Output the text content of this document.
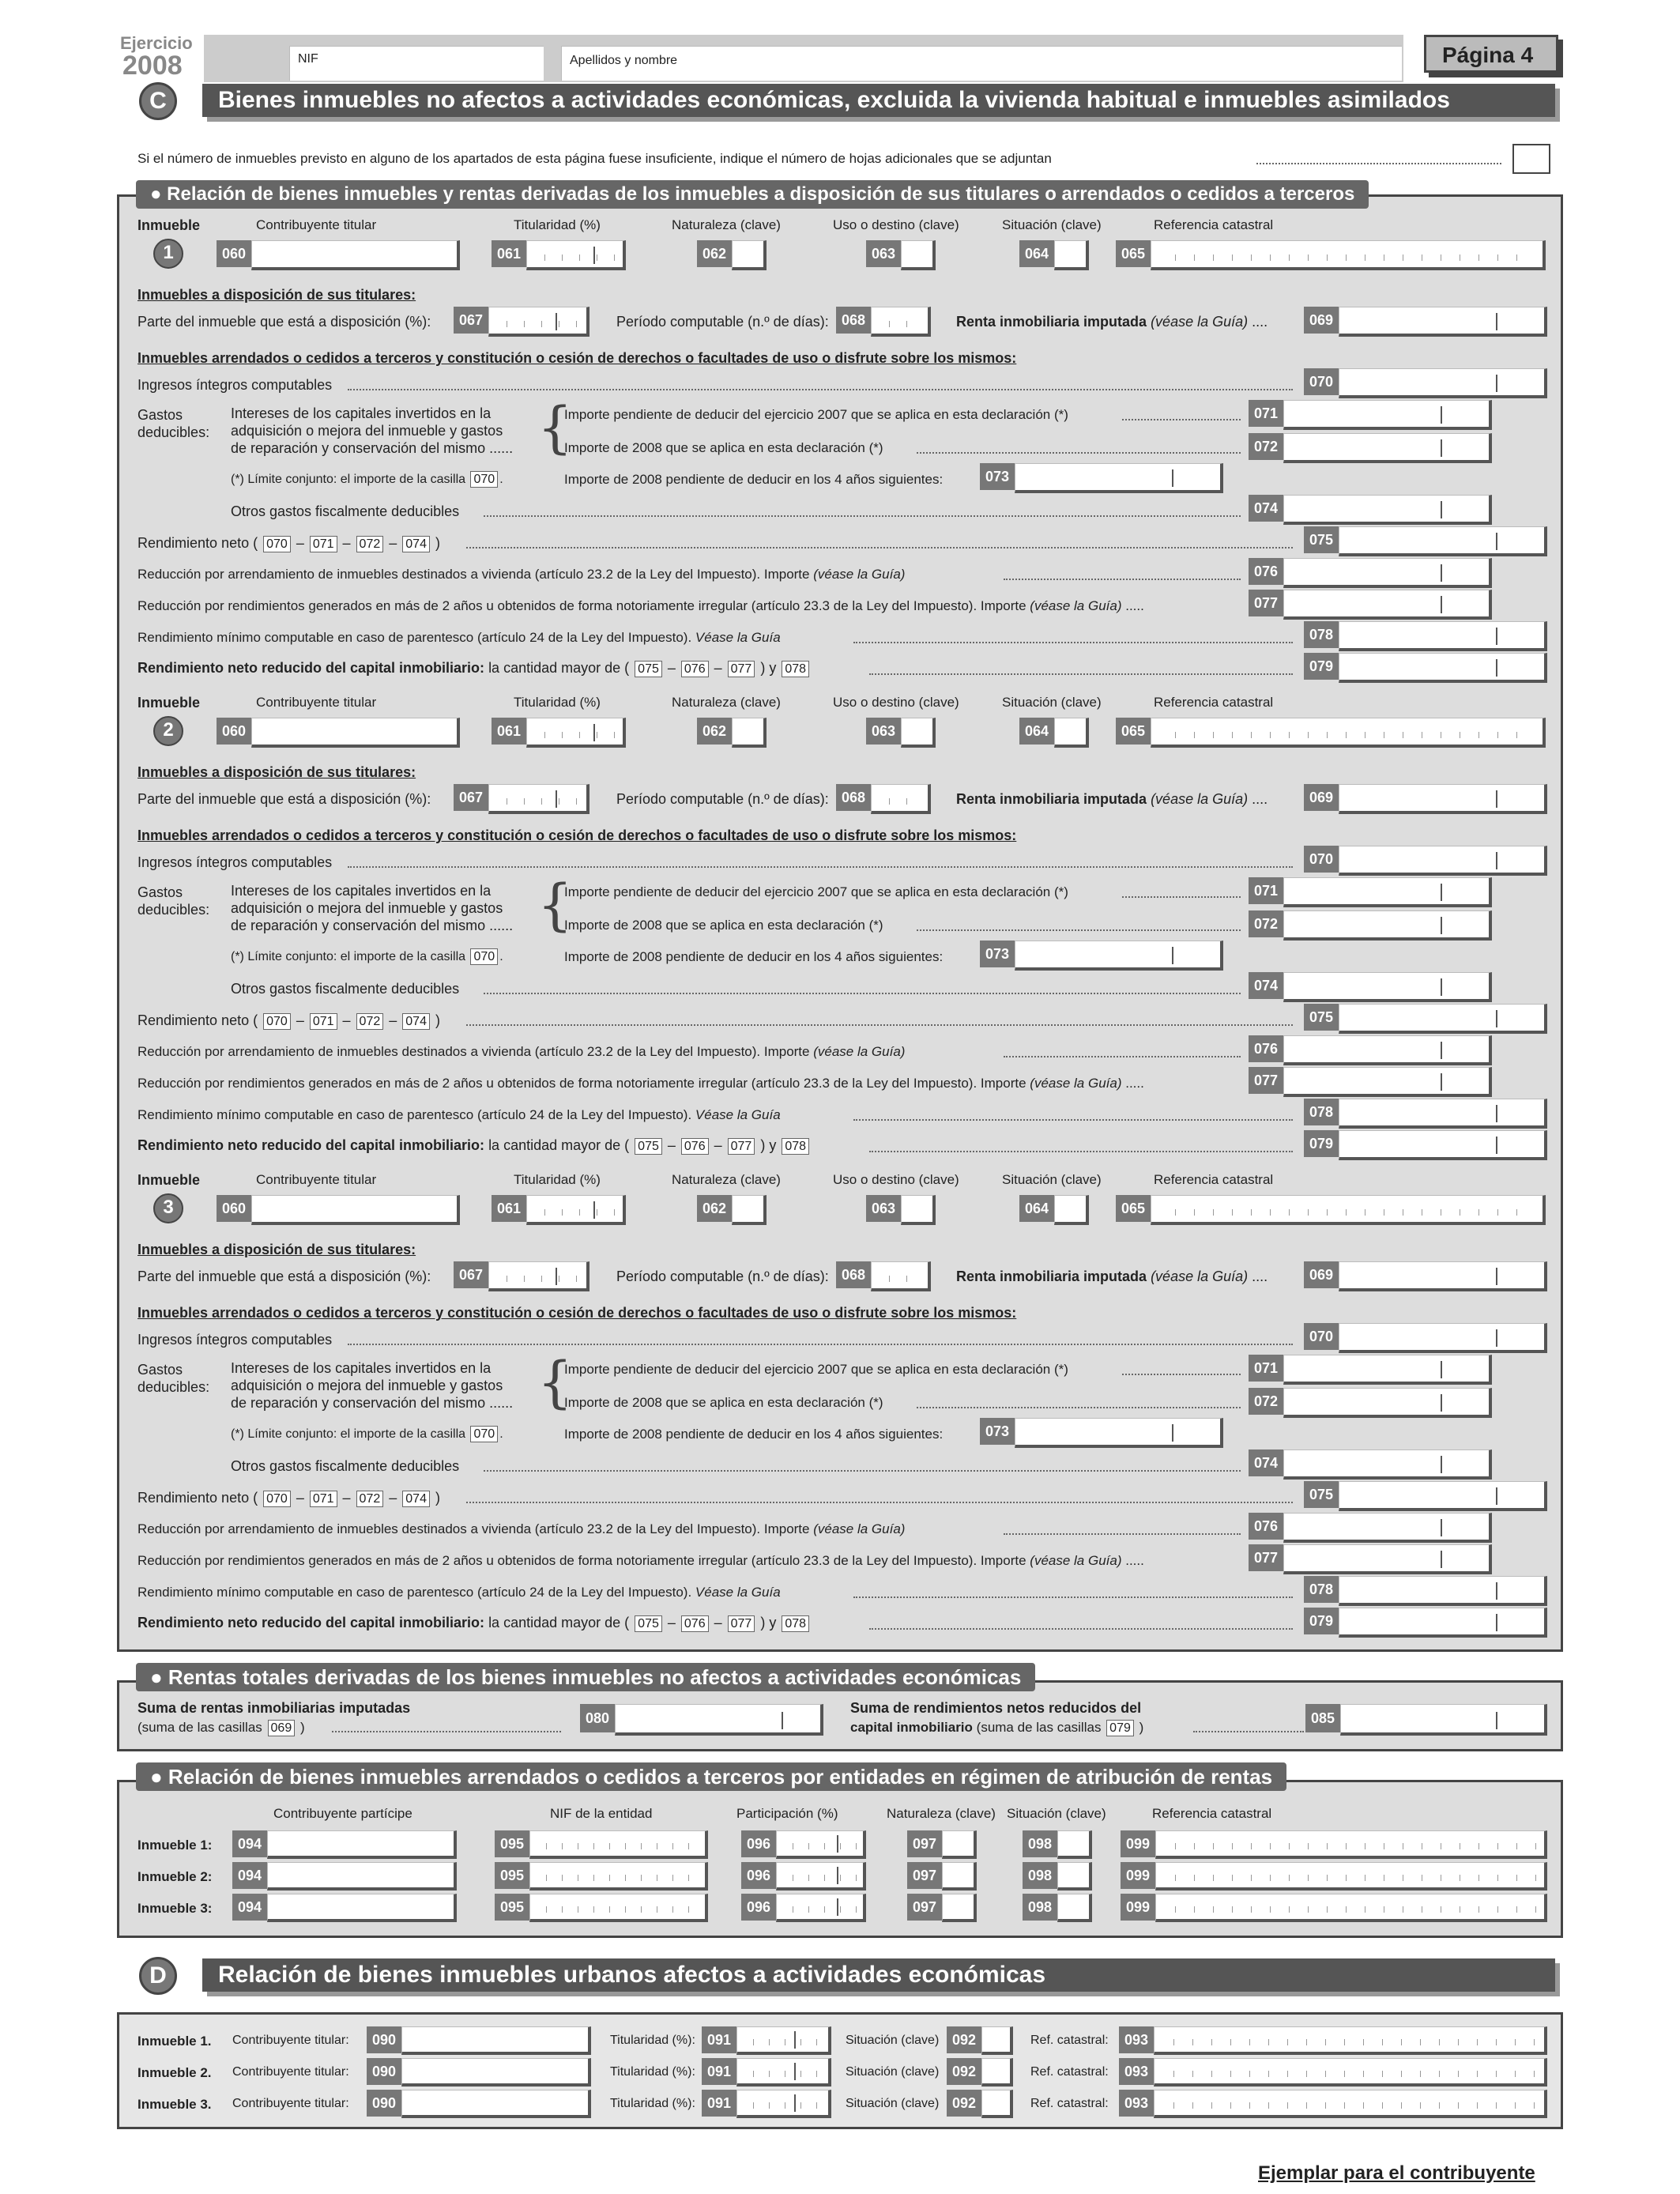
Ejercicio
2008	NIF	Apellidos y nombre	Página 4
C	Bienes inmuebles no afectos a actividades económicas, excluida la vivienda habitual e inmuebles asimilados
Si el número de inmuebles previsto en alguno de los apartados de esta página fuese insuficiente, indique el número de hojas adicionales que se adjuntan
● Relación de bienes inmuebles y rentas derivadas de los inmuebles a disposición de sus titulares o arrendados o cedidos a terceros
Inmueble	Contribuyente titular	Titularidad (%)	Naturaleza (clave)	Uso o destino (clave)	Situación (clave)	Referencia catastral
1	060	061	062	063	064	065
Inmuebles a disposición de sus titulares:
Parte del inmueble que está a disposición (%):	067	Período computable (n.º de días): 068	Renta inmobiliaria imputada (véase la Guía) ....	069
Inmuebles arrendados o cedidos a terceros y constitución o cesión de derechos o facultades de uso o disfrute sobre los mismos:
Ingresos íntegros computables	070
Gastos
deducibles:
Intereses de los capitales invertidos en la
adquisición o mejora del inmueble y gastos
de reparación y conservación del mismo ...... {
(*) Límite conjunto: el importe de la casilla 070 .
Importe pendiente de deducir del ejercicio 2007 que se aplica en esta declaración (*)	071
Importe de 2008 que se aplica en esta declaración (*)	072
Importe de 2008 pendiente de deducir en los 4 años siguientes:	073
Otros gastos fiscalmente deducibles	074
Rendimiento neto ( 070 – 071 – 072 – 074 )	075
Reducción por arrendamiento de inmuebles destinados a vivienda (artículo 23.2 de la Ley del Impuesto). Importe (véase la Guía)	076
Reducción por rendimientos generados en más de 2 años u obtenidos de forma notoriamente irregular (artículo 23.3 de la Ley del Impuesto). Importe (véase la Guía) .....	077
Rendimiento mínimo computable en caso de parentesco (artículo 24 de la Ley del Impuesto). Véase la Guía	078
Rendimiento neto reducido del capital inmobiliario: la cantidad mayor de ( 075 – 076 – 077 ) y 078	079
Inmueble	Contribuyente titular	Titularidad (%)	Naturaleza (clave)	Uso o destino (clave)	Situación (clave)	Referencia catastral
2	060	061	062	063	064	065
Inmuebles a disposición de sus titulares:
Parte del inmueble que está a disposición (%):	067	Período computable (n.º de días): 068	Renta inmobiliaria imputada (véase la Guía) ....	069
Inmuebles arrendados o cedidos a terceros y constitución o cesión de derechos o facultades de uso o disfrute sobre los mismos:
Ingresos íntegros computables	070
Gastos
deducibles:
Intereses de los capitales invertidos en la
adquisición o mejora del inmueble y gastos
de reparación y conservación del mismo ...... {
(*) Límite conjunto: el importe de la casilla 070 .
Importe pendiente de deducir del ejercicio 2007 que se aplica en esta declaración (*)	071
Importe de 2008 que se aplica en esta declaración (*)	072
Importe de 2008 pendiente de deducir en los 4 años siguientes:	073
Otros gastos fiscalmente deducibles	074
Rendimiento neto ( 070 – 071 – 072 – 074 )	075
Reducción por arrendamiento de inmuebles destinados a vivienda (artículo 23.2 de la Ley del Impuesto). Importe (véase la Guía)	076
Reducción por rendimientos generados en más de 2 años u obtenidos de forma notoriamente irregular (artículo 23.3 de la Ley del Impuesto). Importe (véase la Guía) .....	077
Rendimiento mínimo computable en caso de parentesco (artículo 24 de la Ley del Impuesto). Véase la Guía	078
Rendimiento neto reducido del capital inmobiliario: la cantidad mayor de ( 075 – 076 – 077 ) y 078	079
Inmueble	Contribuyente titular	Titularidad (%)	Naturaleza (clave)	Uso o destino (clave)	Situación (clave)	Referencia catastral
3	060	061	062	063	064	065
Inmuebles a disposición de sus titulares:
Parte del inmueble que está a disposición (%):	067	Período computable (n.º de días): 068	Renta inmobiliaria imputada (véase la Guía) ....	069
Inmuebles arrendados o cedidos a terceros y constitución o cesión de derechos o facultades de uso o disfrute sobre los mismos:
Ingresos íntegros computables	070
Gastos
deducibles:
Intereses de los capitales invertidos en la
adquisición o mejora del inmueble y gastos
de reparación y conservación del mismo ...... {
(*) Límite conjunto: el importe de la casilla 070 .
Importe pendiente de deducir del ejercicio 2007 que se aplica en esta declaración (*)	071
Importe de 2008 que se aplica en esta declaración (*)	072
Importe de 2008 pendiente de deducir en los 4 años siguientes:	073
Otros gastos fiscalmente deducibles	074
Rendimiento neto ( 070 – 071 – 072 – 074 )	075
Reducción por arrendamiento de inmuebles destinados a vivienda (artículo 23.2 de la Ley del Impuesto). Importe (véase la Guía)	076
Reducción por rendimientos generados en más de 2 años u obtenidos de forma notoriamente irregular (artículo 23.3 de la Ley del Impuesto). Importe (véase la Guía) .....	077
Rendimiento mínimo computable en caso de parentesco (artículo 24 de la Ley del Impuesto). Véase la Guía	078
Rendimiento neto reducido del capital inmobiliario: la cantidad mayor de ( 075 – 076 – 077 ) y 078	079
● Rentas totales derivadas de los bienes inmuebles no afectos a actividades económicas
Suma de rentas inmobiliarias imputadas
(suma de las casillas 069 )
080
Suma de rendimientos netos reducidos del
capital inmobiliario (suma de las casillas 079 )
085
● Relación de bienes inmuebles arrendados o cedidos a terceros por entidades en régimen de atribución de rentas
Contribuyente partícipe	NIF de la entidad	Participación (%)	Naturaleza (clave) Situación (clave)	Referencia catastral
Inmueble 1:	094	095	096	097	098	099
Inmueble 2:	094	095	096	097	098	099
Inmueble 3:	094	095	096	097	098	099
D	Relación de bienes inmuebles urbanos afectos a actividades económicas
Inmueble 1. Contribuyente titular:	090	Titularidad (%): 091	Situación (clave) 092	Ref. catastral:	093
Inmueble 2. Contribuyente titular:	090	Titularidad (%): 091	Situación (clave) 092	Ref. catastral:	093
Inmueble 3. Contribuyente titular:	090	Titularidad (%): 091	Situación (clave) 092	Ref. catastral:	093
Ejemplar para el contribuyente
